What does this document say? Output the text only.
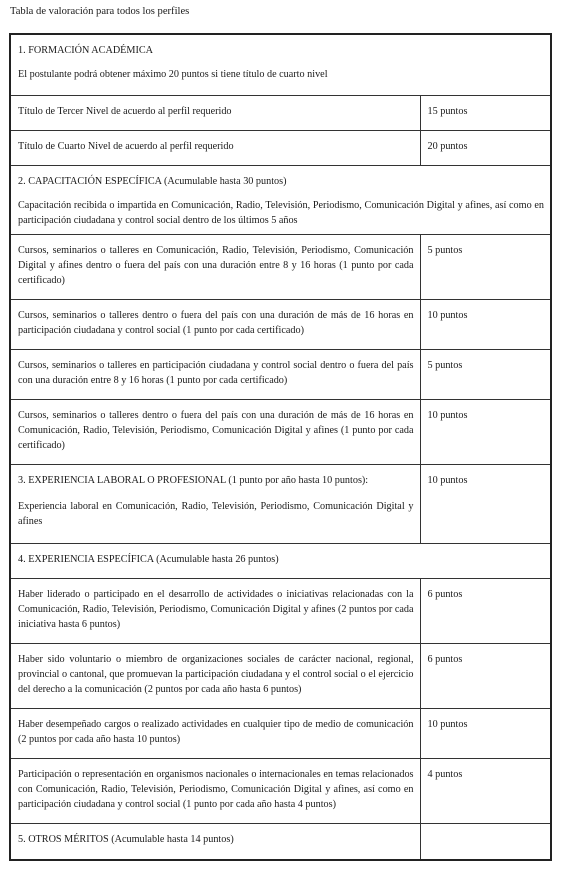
Tabla de valoración para todos los perfiles
1. FORMACIÓN ACADÉMICA
El postulante podrá obtener máximo 20 puntos si tiene título de cuarto nivel	

Título de Tercer Nivel de acuerdo al perfil requerido	15 puntos
Título de Cuarto Nivel de acuerdo al perfil requerido	20 puntos
2. CAPACITACIÓN ESPECÍFICA (Acumulable hasta 30 puntos)
Capacitación recibida o impartida en Comunicación, Radio, Televisión, Periodismo, Comunicación Digital y afines, así como en participación ciudadana y control social dentro de los últimos 5 años	

Cursos, seminarios o talleres en Comunicación, Radio, Televisión, Periodismo, Comunicación Digital y afines dentro o fuera del país con una duración entre 8 y 16 horas (1 punto por cada certificado)	5 puntos
Cursos, seminarios o talleres dentro o fuera del país con una duración de más de 16 horas en participación ciudadana y control social (1 punto por cada certificado)	10 puntos
Cursos, seminarios o talleres en participación ciudadana y control social dentro o fuera del país con una duración entre 8 y 16 horas (1 punto por cada certificado)	5 puntos
Cursos, seminarios o talleres dentro o fuera del país con una duración de más de 16 horas en Comunicación, Radio, Televisión, Periodismo, Comunicación Digital y afines (1 punto por cada certificado)	10 puntos
3. EXPERIENCIA LABORAL O PROFESIONAL (1 punto por año hasta 10 puntos):
Experiencia laboral en Comunicación, Radio, Televisión, Periodismo, Comunicación Digital y afines	10 puntos
4. EXPERIENCIA ESPECÍFICA (Acumulable hasta 26 puntos)	
Haber liderado o participado en el desarrollo de actividades o iniciativas relacionadas con la Comunicación, Radio, Televisión, Periodismo, Comunicación Digital y afines (2 puntos por cada iniciativa hasta 6 puntos)	6 puntos
Haber sido voluntario o miembro de organizaciones sociales de carácter nacional, regional, provincial o cantonal, que promuevan la participación ciudadana y el control social o el ejercicio del derecho a la comunicación (2 puntos por cada año hasta 6 puntos)	6 puntos
Haber desempeñado cargos o realizado actividades en cualquier tipo de medio de comunicación (2 puntos por cada año hasta 10 puntos)	10 puntos
Participación o representación en organismos nacionales o internacionales en temas relacionados con Comunicación, Radio, Televisión, Periodismo, Comunicación Digital y afines, así como en participación ciudadana y control social (1 punto por cada año hasta 4 puntos)	4 puntos
5. OTROS MÉRITOS (Acumulable hasta 14 puntos)	
